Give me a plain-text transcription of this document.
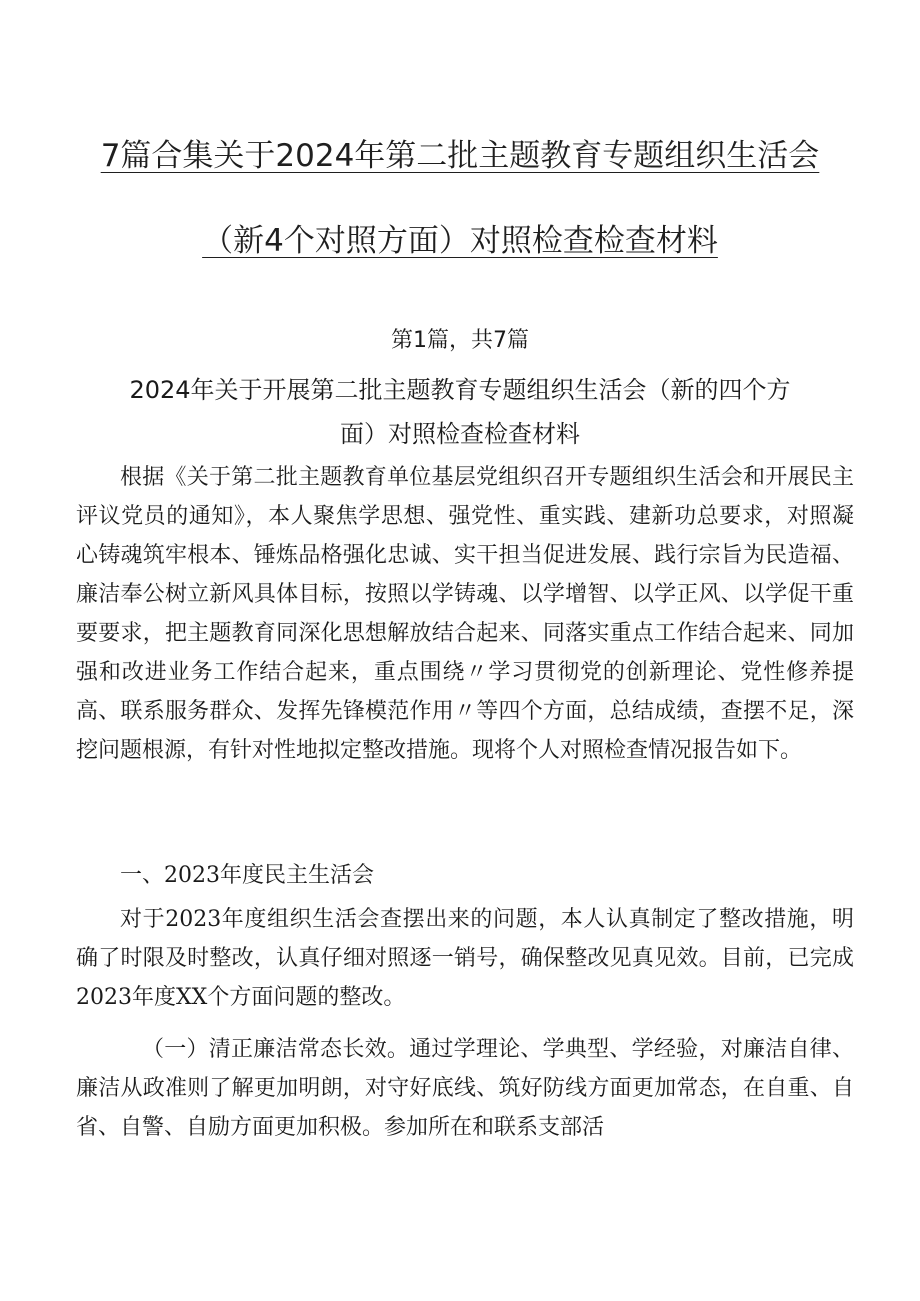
7篇合集关于2024年第二批主题教育专题组织生活会
（新4个对照方面）对照检查检查材料
第1篇，共7篇
2024年关于开展第二批主题教育专题组织生活会（新的四个方
面）对照检查检查材料

根据《关于第二批主题教育单位基层党组织召开专题组织生活会和开展民主评议党员的通知》，本人聚焦学思想、强党性、重实践、建新功总要求，对照凝心铸魂筑牢根本、锤炼品格强化忠诚、实干担当促进发展、践行宗旨为民造福、廉洁奉公树立新风具体目标，按照以学铸魂、以学增智、以学正风、以学促干重要要求，把主题教育同深化思想解放结合起来、同落实重点工作结合起来、同加强和改进业务工作结合起来，重点围绕〃学习贯彻党的创新理论、党性修养提高、联系服务群众、发挥先锋模范作用〃等四个方面，总结成绩，查摆不足，深挖问题根源，有针对性地拟定整改措施。现将个人对照检查情况报告如下。

一、2023年度民主生活会

对于2023年度组织生活会查摆出来的问题，本人认真制定了整改措施，明确了时限及时整改，认真仔细对照逐一销号，确保整改见真见效。目前，已完成2023年度XX个方面问题的整改。

（一）清正廉洁常态长效。通过学理论、学典型、学经验，对廉洁自律、廉洁从政准则了解更加明朗，对守好底线、筑好防线方面更加常态，在自重、自省、自警、自励方面更加积极。参加所在和联系支部活
